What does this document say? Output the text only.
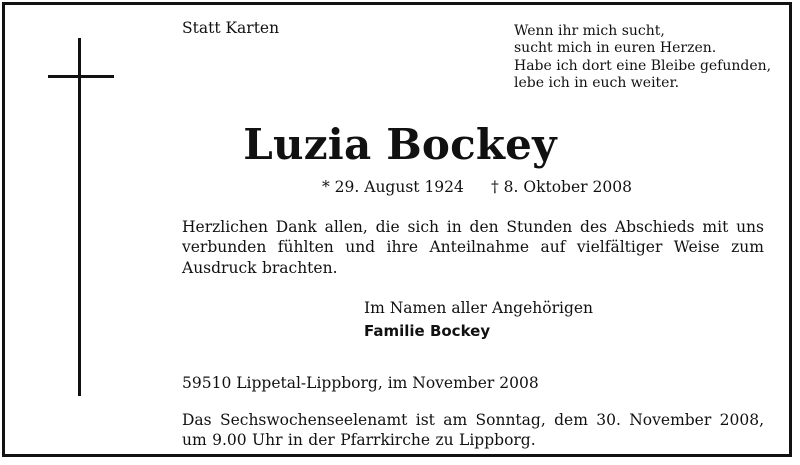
Statt Karten	Wenn ihr mich sucht,
sucht mich in euren Herzen.
Habe ich dort eine Bleibe gefunden,
lebe ich in euch weiter.
Luzia Bockey
* 29. August 1924 † 8. Oktober 2008
Herzlichen Dank allen, die sich in den Stunden des Abschieds mit uns verbunden fühlten und ihre Anteilnahme auf vielfältiger Weise zum Ausdruck brachten.
Im Namen aller Angehörigen
Familie Bockey
59510 Lippetal-Lippborg, im November 2008
Das Sechswochenseelenamt ist am Sonntag, dem 30. November 2008, um 9.00 Uhr in der Pfarrkirche zu Lippborg.
